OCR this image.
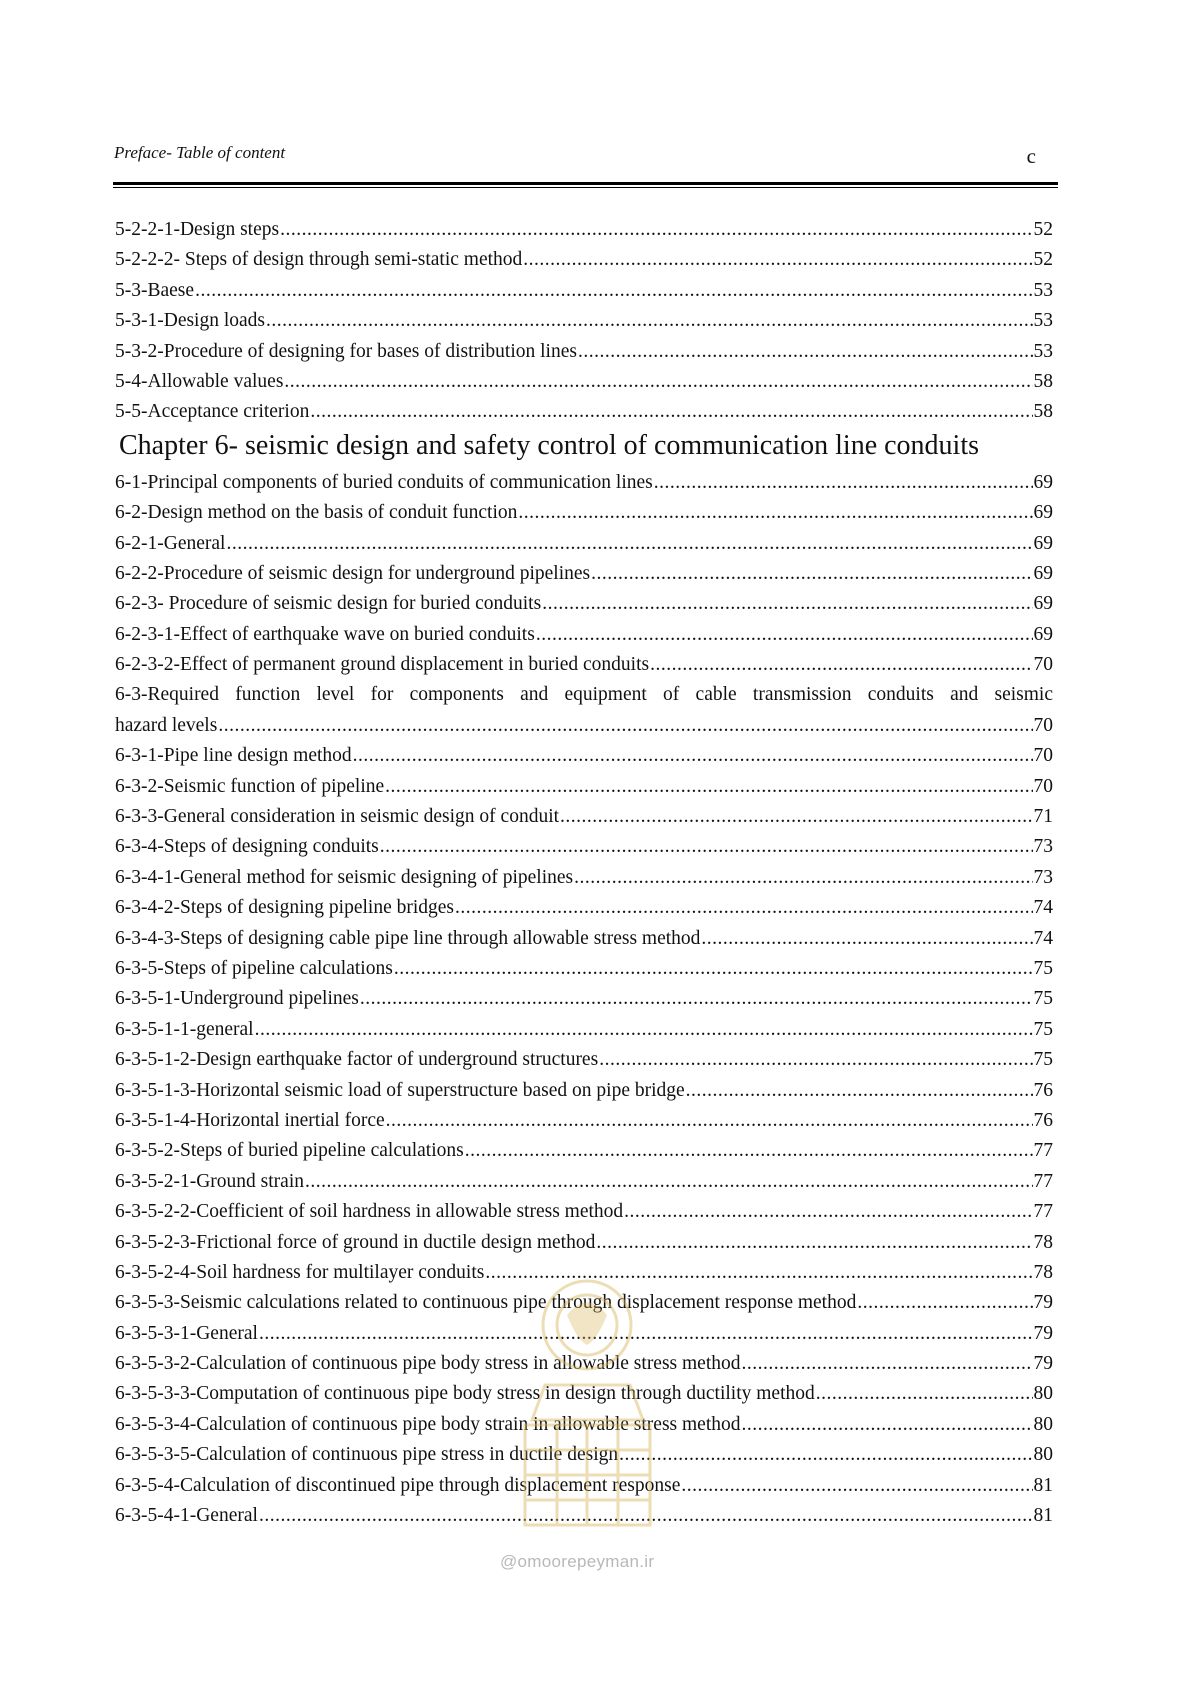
Preface- Table of content	c
5-2-2-1-Design steps .....	52
5-2-2-2- Steps of design through semi-static method .....	52
5-3-Baese .....	53
5-3-1-Design loads .....	53
5-3-2-Procedure of designing for bases of distribution lines .....	53
5-4-Allowable values .....	58
5-5-Acceptance criterion .....	58
Chapter 6- seismic design and safety control of communication line conduits
6-1-Principal components of buried conduits of communication lines .....	69
6-2-Design method on the basis of conduit function .....	69
6-2-1-General .....	69
6-2-2-Procedure of seismic design for underground pipelines .....	69
6-2-3- Procedure of seismic design for buried conduits .....	69
6-2-3-1-Effect of earthquake wave on buried conduits .....	69
6-2-3-2-Effect of permanent ground displacement in buried conduits .....	70
6-3-Required function level for components and equipment of cable transmission conduits and seismic
hazard levels .....	70
6-3-1-Pipe line design method .....	70
6-3-2-Seismic function of pipeline .....	70
6-3-3-General consideration in seismic design of conduit .....	71
6-3-4-Steps of designing conduits .....	73
6-3-4-1-General method for seismic designing of pipelines .....	73
6-3-4-2-Steps of designing pipeline bridges .....	74
6-3-4-3-Steps of designing cable pipe line through allowable stress method .....	74
6-3-5-Steps of pipeline calculations .....	75
6-3-5-1-Underground pipelines .....	75
6-3-5-1-1-general .....	75
6-3-5-1-2-Design earthquake factor of underground structures .....	75
6-3-5-1-3-Horizontal seismic load of superstructure based on pipe bridge .....	76
6-3-5-1-4-Horizontal inertial force .....	76
6-3-5-2-Steps of buried pipeline calculations .....	77
6-3-5-2-1-Ground strain .....	77
6-3-5-2-2-Coefficient of soil hardness in allowable stress method .....	77
6-3-5-2-3-Frictional force of ground in ductile design method .....	78
6-3-5-2-4-Soil hardness for multilayer conduits .....	78
6-3-5-3-Seismic calculations related to continuous pipe through displacement response method .....	79
6-3-5-3-1-General .....	79
6-3-5-3-2-Calculation of continuous pipe body stress in allowable stress method .....	79
6-3-5-3-3-Computation of continuous pipe body stress in design through ductility method .....	80
6-3-5-3-4-Calculation of continuous pipe body strain in allowable stress method .....	80
6-3-5-3-5-Calculation of continuous pipe stress in ductile design .....	80
6-3-5-4-Calculation of discontinued pipe through displacement response .....	81
6-3-5-4-1-General .....	81
@omoorepeyman.ir
